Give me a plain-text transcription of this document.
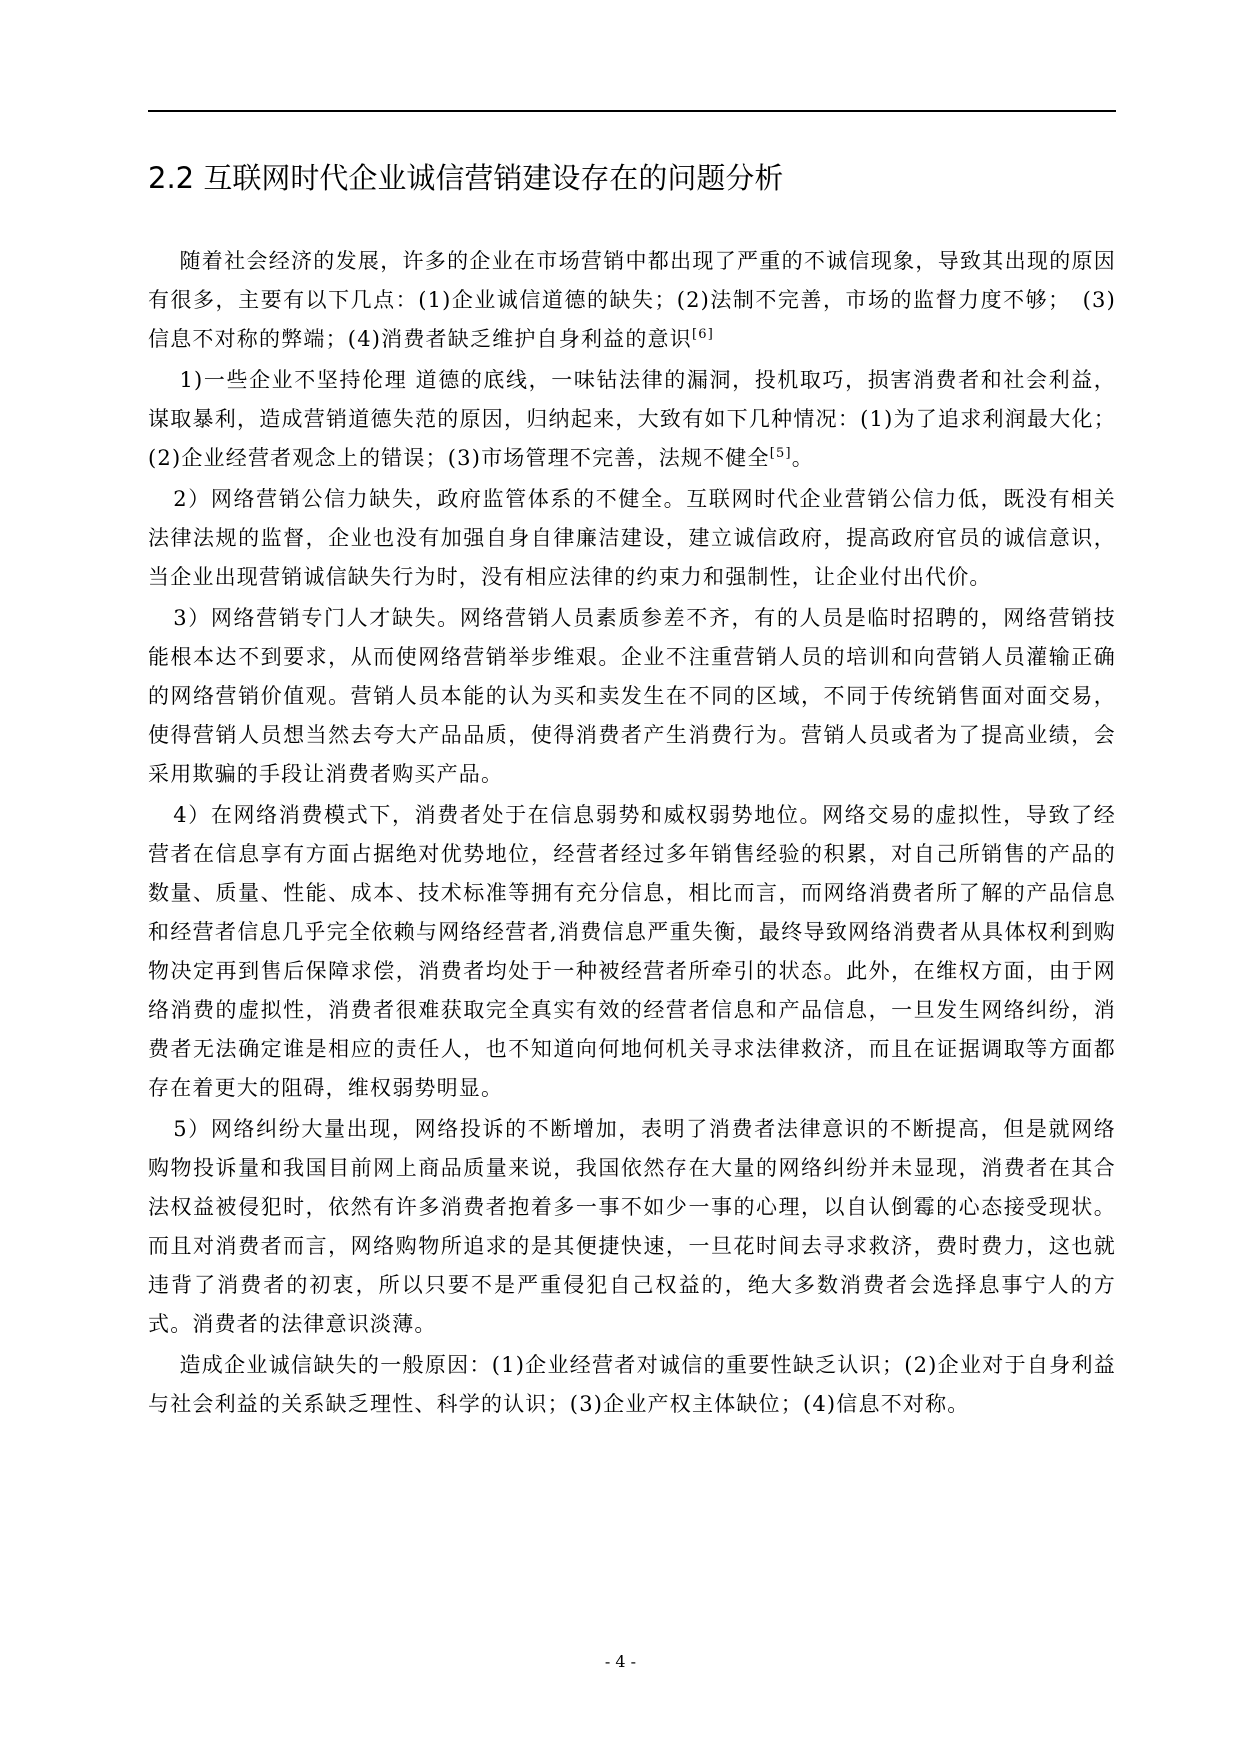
2.2 互联网时代企业诚信营销建设存在的问题分析

随着社会经济的发展，许多的企业在市场营销中都出现了严重的不诚信现象，导致其出现的原因有很多，主要有以下几点：(1)企业诚信道德的缺失；(2)法制不完善，市场的监督力度不够；　(3)信息不对称的弊端；(4)消费者缺乏维护自身利益的意识[6]

1)一些企业不坚持伦理 道德的底线，一味钻法律的漏洞，投机取巧，损害消费者和社会利益，谋取暴利，造成营销道德失范的原因，归纳起来，大致有如下几种情况：(1)为了追求利润最大化；(2)企业经营者观念上的错误；(3)市场管理不完善，法规不健全[5]。

2）网络营销公信力缺失，政府监管体系的不健全。互联网时代企业营销公信力低，既没有相关法律法规的监督，企业也没有加强自身自律廉洁建设，建立诚信政府，提高政府官员的诚信意识，当企业出现营销诚信缺失行为时，没有相应法律的约束力和强制性，让企业付出代价。

3）网络营销专门人才缺失。网络营销人员素质参差不齐，有的人员是临时招聘的，网络营销技能根本达不到要求，从而使网络营销举步维艰。企业不注重营销人员的培训和向营销人员灌输正确的网络营销价值观。营销人员本能的认为买和卖发生在不同的区域，不同于传统销售面对面交易，使得营销人员想当然去夸大产品品质，使得消费者产生消费行为。营销人员或者为了提高业绩，会采用欺骗的手段让消费者购买产品。

4）在网络消费模式下，消费者处于在信息弱势和威权弱势地位。网络交易的虚拟性，导致了经营者在信息享有方面占据绝对优势地位，经营者经过多年销售经验的积累，对自己所销售的产品的数量、质量、性能、成本、技术标准等拥有充分信息，相比而言，而网络消费者所了解的产品信息和经营者信息几乎完全依赖与网络经营者,消费信息严重失衡，最终导致网络消费者从具体权利到购物决定再到售后保障求偿，消费者均处于一种被经营者所牵引的状态。此外，在维权方面，由于网络消费的虚拟性，消费者很难获取完全真实有效的经营者信息和产品信息，一旦发生网络纠纷，消费者无法确定谁是相应的责任人，也不知道向何地何机关寻求法律救济，而且在证据调取等方面都存在着更大的阻碍，维权弱势明显。

5）网络纠纷大量出现，网络投诉的不断增加，表明了消费者法律意识的不断提高，但是就网络购物投诉量和我国目前网上商品质量来说，我国依然存在大量的网络纠纷并未显现，消费者在其合法权益被侵犯时，依然有许多消费者抱着多一事不如少一事的心理，以自认倒霉的心态接受现状。而且对消费者而言，网络购物所追求的是其便捷快速，一旦花时间去寻求救济，费时费力，这也就违背了消费者的初衷，所以只要不是严重侵犯自己权益的，绝大多数消费者会选择息事宁人的方式。消费者的法律意识淡薄。

造成企业诚信缺失的一般原因：(1)企业经营者对诚信的重要性缺乏认识；(2)企业对于自身利益与社会利益的关系缺乏理性、科学的认识；(3)企业产权主体缺位；(4)信息不对称。

- 4 -
